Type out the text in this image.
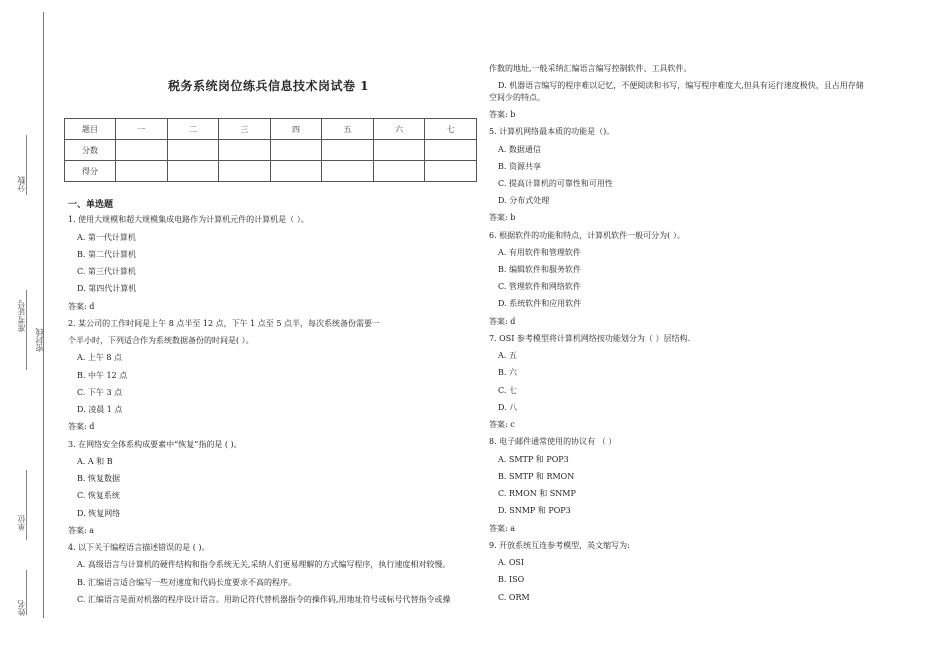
分数
准考证号
密封线
单位
姓名
税务系统岗位练兵信息技术岗试卷 1
题目	一	二	三	四	五	六	七
分数							
得分							
一、单选题
1. 使用大规模和超大规模集成电路作为计算机元件的计算机是（ ）。
A. 第一代计算机
B. 第二代计算机
C. 第三代计算机
D. 第四代计算机
答案: d
2. 某公司的工作时间是上午 8 点半至 12 点，下午 1 点至 5 点半，每次系统备份需要一
个半小时，下列适合作为系统数据备份的时间是( ）。
A. 上午 8 点
B. 中午 12 点
C. 下午 3 点
D. 凌晨 1 点
答案: d
3. 在网络安全体系构成要素中“恢复”指的是 ( )。
A. A 和 B
B. 恢复数据
C. 恢复系统
D. 恢复网络
答案: a
4. 以下关于编程语言描述错误的是 ( )。
A. 高级语言与计算机的硬件结构和指令系统无关,采纳人们更易理解的方式编写程序，执行速度相对较慢。
B. 汇编语言适合编写一些对速度和代码长度要求不高的程序。
C. 汇编语言是面对机器的程序设计语言。用助记符代替机器指令的操作码,用地址符号或标号代替指令或操
作数的地址,一般采纳汇编语言编写控制软件、工具软件。
D. 机器语言编写的程序难以记忆，不便阅读和书写，编写程序难度大,但具有运行速度极快，且占用存储
空间少的特点。
答案: b
5. 计算机网络最本质的功能是（)。
A. 数据通信
B. 资源共享
C. 提高计算机的可靠性和可用性
D. 分布式处理
答案: b
6. 根据软件的功能和特点，计算机软件一般可分为( ）。
A. 有用软件和管理软件
B. 编辑软件和服务软件
C. 管理软件和网络软件
D. 系统软件和应用软件
答案: d
7. OSI 参考模型将计算机网络按功能划分为（ ）层结构.
A. 五
B. 六
C. 七
D. 八
答案: c
8. 电子邮件通常使用的协议有 （ ）
A. SMTP 和 POP3
B. SMTP 和 RMON
C. RMON 和 SNMP
D. SNMP 和 POP3
答案: a
9. 开放系统互连参考模型，英文缩写为:
A. OSI
B. ISO
C. ORM
